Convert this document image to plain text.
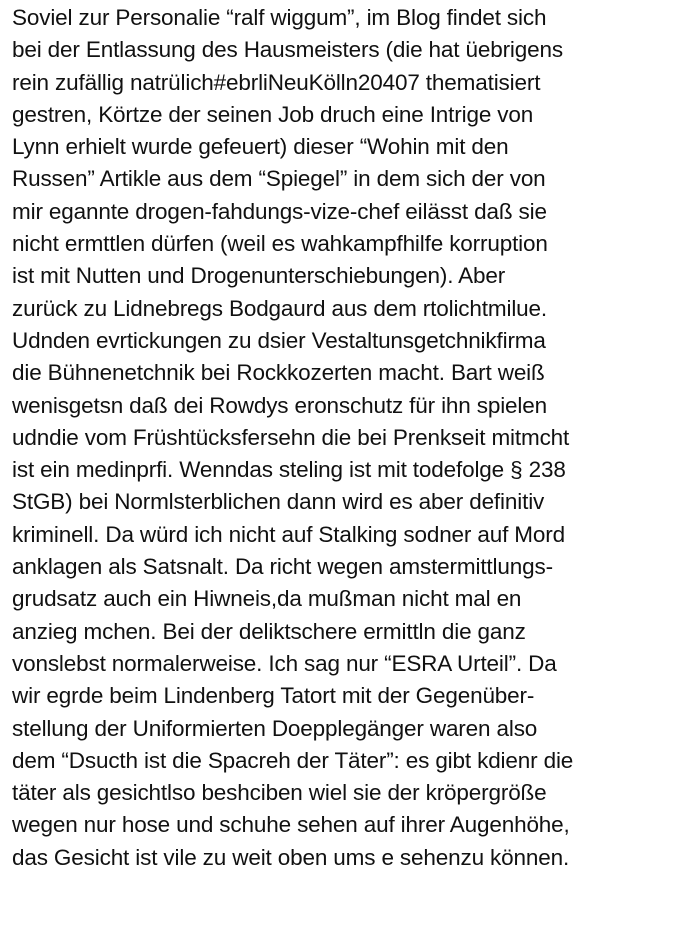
Soviel zur Personalie “ralf wiggum”, im Blog findet sich
bei der Entlassung des Hausmeisters (die hat üebrigens
rein zufällig natrülich#ebrliNeuKölln20407 thematisiert
gestren, Körtze der seinen Job druch eine Intrige von
Lynn erhielt wurde gefeuert) dieser “Wohin mit den
Russen” Artikle aus dem “Spiegel” in dem sich der von
mir egannte drogen-fahdungs-vize-chef eilässt daß sie
nicht ermttlen dürfen (weil es wahkampfhilfe korruption
ist mit Nutten und Drogenunterschiebungen). Aber
zurück zu Lidnebregs Bodgaurd aus dem rtolichtmilue.
Udnden evrtickungen zu dsier Vestaltunsgetchnikfirma
die Bühnenetchnik bei Rockkozerten macht. Bart weiß
wenisgetsn daß dei Rowdys eronschutz für ihn spielen
udndie vom Früshtücksfersehn die bei Prenkseit mitmcht
ist ein medinprfi. Wenndas steling ist mit todefolge § 238
StGB) bei Normlsterblichen dann wird es aber definitiv
kriminell. Da würd ich nicht auf Stalking sodner auf Mord
anklagen als Satsnalt. Da richt wegen amstermittlungs-
grudsatz auch ein Hiwneis,da mußman nicht mal en
anzieg mchen. Bei der deliktschere ermittln die ganz
vonslebst normalerweise. Ich sag nur “ESRA Urteil”. Da
wir egrde beim Lindenberg Tatort mit der Gegenüber-
stellung der Uniformierten Doepplegänger waren also
dem “Dsucth ist die Spacreh der Täter”: es gibt kdienr die
täter als gesichtlso beshciben wiel sie der kröpergröße
wegen nur hose und schuhe sehen auf ihrer Augenhöhe,
das Gesicht ist vile zu weit oben ums e sehenzu können.
